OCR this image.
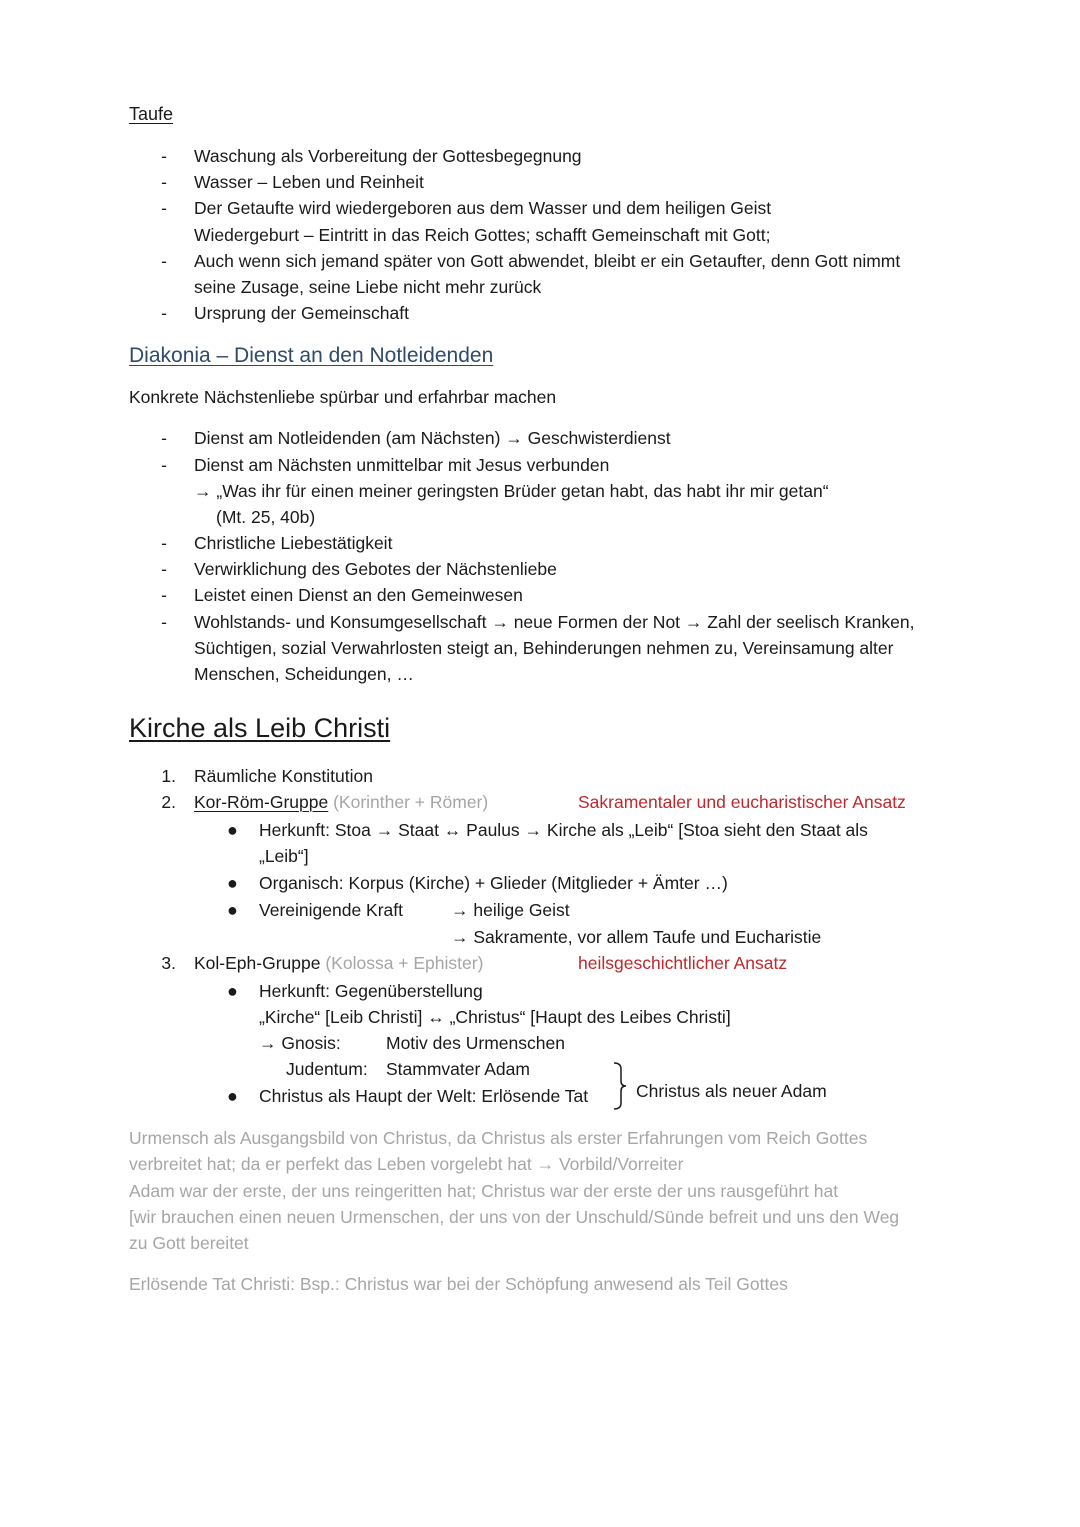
Taufe
- Waschung als Vorbereitung der Gottesbegegnung
- Wasser – Leben und Reinheit
- Der Getaufte wird wiedergeboren aus dem Wasser und dem heiligen Geist
Wiedergeburt – Eintritt in das Reich Gottes; schafft Gemeinschaft mit Gott;
- Auch wenn sich jemand später von Gott abwendet, bleibt er ein Getaufter, denn Gott nimmt
seine Zusage, seine Liebe nicht mehr zurück
- Ursprung der Gemeinschaft
Diakonia – Dienst an den Notleidenden
Konkrete Nächstenliebe spürbar und erfahrbar machen
- Dienst am Notleidenden (am Nächsten) → Geschwisterdienst
- Dienst am Nächsten unmittelbar mit Jesus verbunden
→ „Was ihr für einen meiner geringsten Brüder getan habt, das habt ihr mir getan“
(Mt. 25, 40b)
- Christliche Liebestätigkeit
- Verwirklichung des Gebotes der Nächstenliebe
- Leistet einen Dienst an den Gemeinwesen
- Wohlstands- und Konsumgesellschaft → neue Formen der Not → Zahl der seelisch Kranken,
Süchtigen, sozial Verwahrlosten steigt an, Behinderungen nehmen zu, Vereinsamung alter
Menschen, Scheidungen, …
Kirche als Leib Christi
1. Räumliche Konstitution
2. Kor-Röm-Gruppe (Korinther + Römer)	Sakramentaler und eucharistischer Ansatz
● Herkunft: Stoa → Staat ↔ Paulus → Kirche als „Leib“ [Stoa sieht den Staat als
„Leib“]
● Organisch: Korpus (Kirche) + Glieder (Mitglieder + Ämter …)
● Vereinigende Kraft	→ heilige Geist
→ Sakramente, vor allem Taufe und Eucharistie
3. Kol-Eph-Gruppe (Kolossa + Ephister)	heilsgeschichtlicher Ansatz
● Herkunft: Gegenüberstellung
„Kirche“ [Leib Christi] ↔ „Christus“ [Haupt des Leibes Christi]
→ Gnosis:	Motiv des Urmenschen
Judentum: Stammvater Adam
● Christus als Haupt der Welt: Erlösende Tat	Christus als neuer Adam
Urmensch als Ausgangsbild von Christus, da Christus als erster Erfahrungen vom Reich Gottes
verbreitet hat; da er perfekt das Leben vorgelebt hat → Vorbild/Vorreiter
Adam war der erste, der uns reingeritten hat; Christus war der erste der uns rausgeführt hat
[wir brauchen einen neuen Urmenschen, der uns von der Unschuld/Sünde befreit und uns den Weg
zu Gott bereitet
Erlösende Tat Christi: Bsp.: Christus war bei der Schöpfung anwesend als Teil Gottes
